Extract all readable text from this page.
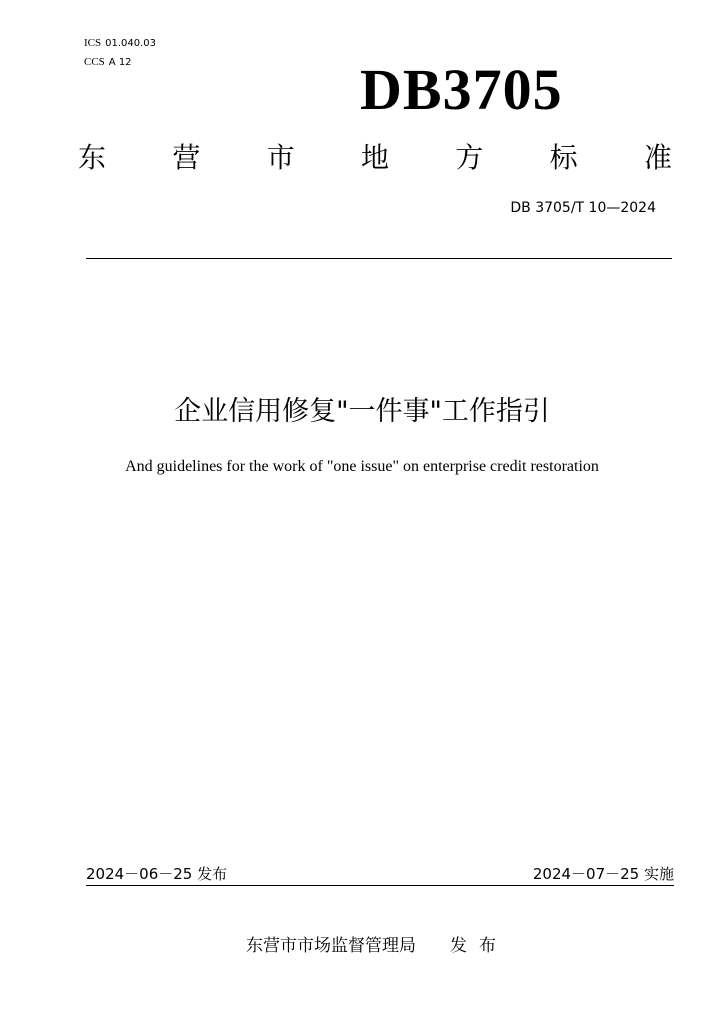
ICS 01.040.03
CCS A 12	DB3705
东 营 市 地 方 标 准
DB 3705/T 10—2024
企业信用修复"一件事"工作指引
And guidelines for the work of "one issue" on enterprise credit restoration
2024－06－25 发布	2024－07－25 实施
东营市市场监督管理局 发布
